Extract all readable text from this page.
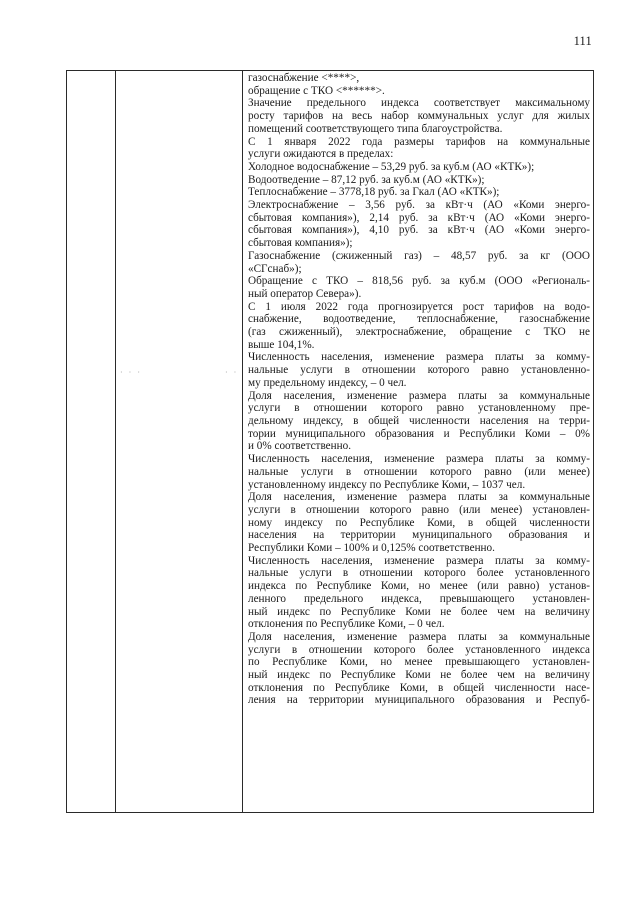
111
· · ·	· ·
газоснабжение <****>,
обращение с ТКО <******>.
Значение предельного индекса соответствует максимальному
росту тарифов на весь набор коммунальных услуг для жилых
помещений соответствующего типа благоустройства.
С 1 января 2022 года размеры тарифов на коммунальные
услуги ожидаются в пределах:
Холодное водоснабжение – 53,29 руб. за куб.м (АО «КТК»);
Водоотведение – 87,12 руб. за куб.м (АО «КТК»);
Теплоснабжение – 3778,18 руб. за Гкал (АО «КТК»);
Электроснабжение – 3,56 руб. за кВт·ч (АО «Коми энерго-
сбытовая компания»), 2,14 руб. за кВт·ч (АО «Коми энерго-
сбытовая компания»), 4,10 руб. за кВт·ч (АО «Коми энерго-
сбытовая компания»);
Газоснабжение (сжиженный газ) – 48,57 руб. за кг (ООО
«СГснаб»);
Обращение с ТКО – 818,56 руб. за куб.м (ООО «Региональ-
ный оператор Севера»).
С 1 июля 2022 года прогнозируется рост тарифов на водо-
снабжение, водоотведение, теплоснабжение, газоснабжение
(газ сжиженный), электроснабжение, обращение с ТКО не
выше 104,1%.
Численность населения, изменение размера платы за комму-
нальные услуги в отношении которого равно установленно-
му предельному индексу, – 0 чел.
Доля населения, изменение размера платы за коммунальные
услуги в отношении которого равно установленному пре-
дельному индексу, в общей численности населения на терри-
тории муниципального образования и Республики Коми – 0%
и 0% соответственно.
Численность населения, изменение размера платы за комму-
нальные услуги в отношении которого равно (или менее)
установленному индексу по Республике Коми, – 1037 чел.
Доля населения, изменение размера платы за коммунальные
услуги в отношении которого равно (или менее) установлен-
ному индексу по Республике Коми, в общей численности
населения на территории муниципального образования и
Республики Коми – 100% и 0,125% соответственно.
Численность населения, изменение размера платы за комму-
нальные услуги в отношении которого более установленного
индекса по Республике Коми, но менее (или равно) установ-
ленного предельного индекса, превышающего установлен-
ный индекс по Республике Коми не более чем на величину
отклонения по Республике Коми, – 0 чел.
Доля населения, изменение размера платы за коммунальные
услуги в отношении которого более установленного индекса
по Республике Коми, но менее превышающего установлен-
ный индекс по Республике Коми не более чем на величину
отклонения по Республике Коми, в общей численности насе-
ления на территории муниципального образования и Респуб-
